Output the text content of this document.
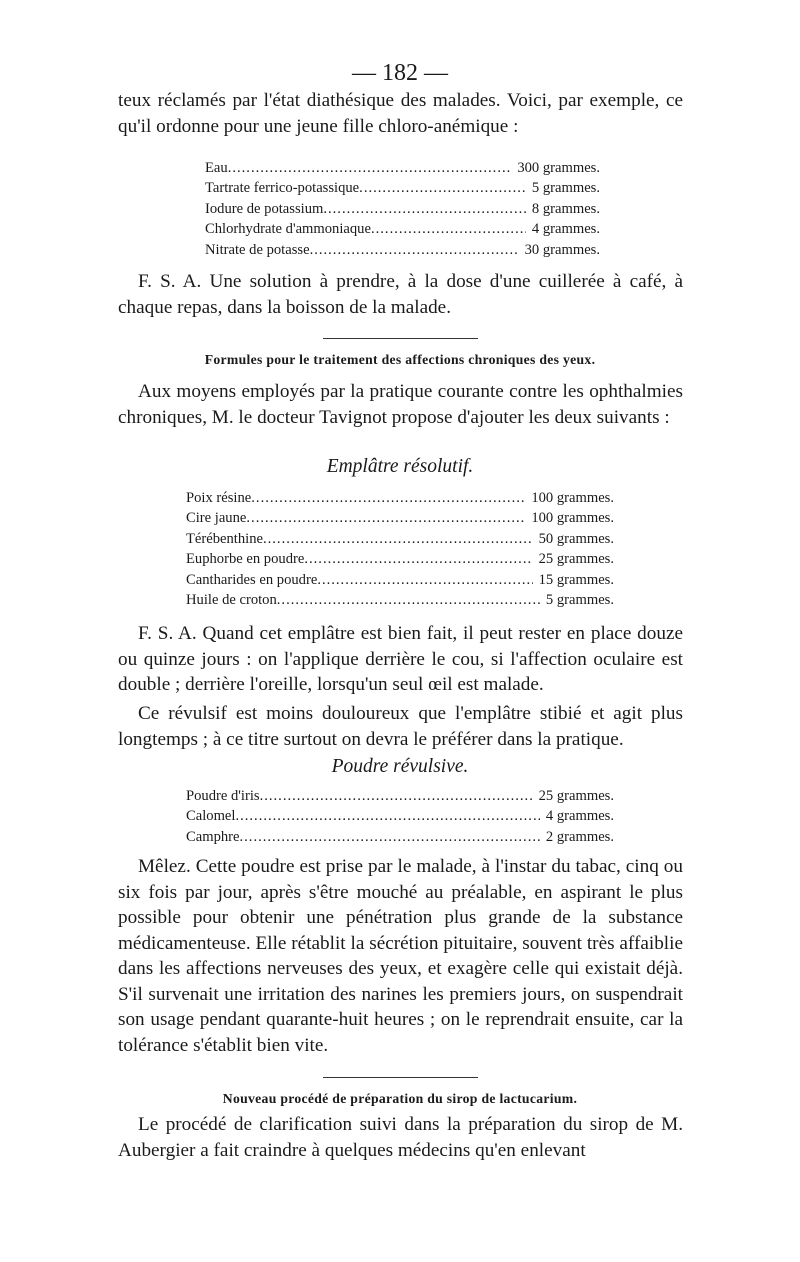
— 182 —

teux réclamés par l'état diathésique des malades. Voici, par exemple, ce qu'il ordonne pour une jeune fille chloro-anémique :

Eau .....	300 grammes.
Tartrate ferrico-potassique .....	5 grammes.
Iodure de potassium .....	8 grammes.
Chlorhydrate d'ammoniaque .....	4 grammes.
Nitrate de potasse .....	30 grammes.

F. S. A. Une solution à prendre, à la dose d'une cuillerée à café, à chaque repas, dans la boisson de la malade.

Formules pour le traitement des affections chroniques des yeux.

Aux moyens employés par la pratique courante contre les ophthalmies chroniques, M. le docteur Tavignot propose d'ajouter les deux suivants :

Emplâtre résolutif.
Poix résine .....	100 grammes.
Cire jaune .....	100 grammes.
Térébenthine .....	50 grammes.
Euphorbe en poudre .....	25 grammes.
Cantharides en poudre .....	15 grammes.
Huile de croton .....	5 grammes.

F. S. A. Quand cet emplâtre est bien fait, il peut rester en place douze ou quinze jours : on l'applique derrière le cou, si l'affection oculaire est double ; derrière l'oreille, lorsqu'un seul œil est malade.

Ce révulsif est moins douloureux que l'emplâtre stibié et agit plus longtemps ; à ce titre surtout on devra le préférer dans la pratique.

Poudre révulsive.
Poudre d'iris .....	25 grammes.
Calomel .....	4 grammes.
Camphre .....	2 grammes.

Mêlez. Cette poudre est prise par le malade, à l'instar du tabac, cinq ou six fois par jour, après s'être mouché au préalable, en aspirant le plus possible pour obtenir une pénétration plus grande de la substance médicamenteuse. Elle rétablit la sécrétion pituitaire, souvent très affaiblie dans les affections nerveuses des yeux, et exagère celle qui existait déjà. S'il survenait une irritation des narines les premiers jours, on suspendrait son usage pendant quarante-huit heures ; on le reprendrait ensuite, car la tolérance s'établit bien vite.

Nouveau procédé de préparation du sirop de lactucarium.

Le procédé de clarification suivi dans la préparation du sirop de M. Aubergier a fait craindre à quelques médecins qu'en enlevant
